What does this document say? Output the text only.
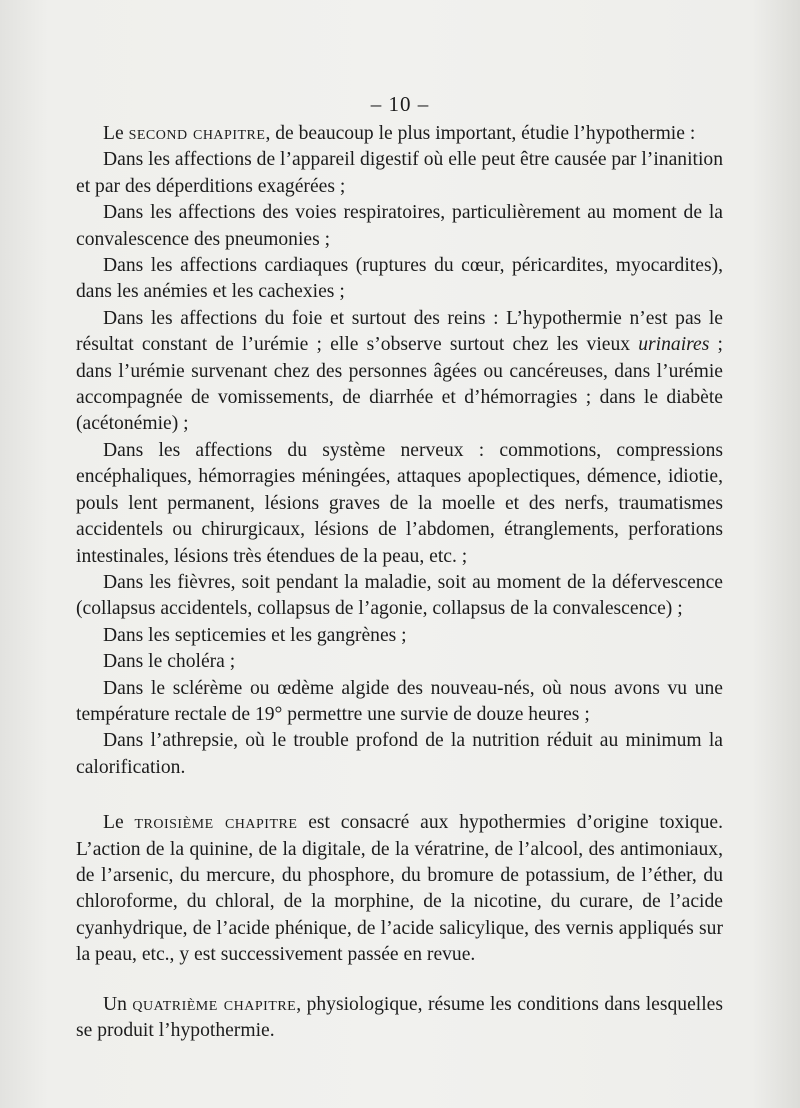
– 10 –

Le second chapitre, de beaucoup le plus important, étudie l’hypothermie :

Dans les affections de l’appareil digestif où elle peut être causée par l’inanition et par des déperditions exagérées ;

Dans les affections des voies respiratoires, particulièrement au moment de la convalescence des pneumonies ;

Dans les affections cardiaques (ruptures du cœur, péricardites, myocardites), dans les anémies et les cachexies ;

Dans les affections du foie et surtout des reins : L’hypothermie n’est pas le résultat constant de l’urémie ; elle s’observe surtout chez les vieux urinaires ; dans l’urémie survenant chez des personnes âgées ou cancéreuses, dans l’urémie accompagnée de vomissements, de diarrhée et d’hémorragies ; dans le diabète (acétonémie) ;

Dans les affections du système nerveux : commotions, compressions encéphaliques, hémorragies méningées, attaques apoplectiques, démence, idiotie, pouls lent permanent, lésions graves de la moelle et des nerfs, traumatismes accidentels ou chirurgicaux, lésions de l’abdomen, étranglements, perforations intestinales, lésions très étendues de la peau, etc. ;

Dans les fièvres, soit pendant la maladie, soit au moment de la défervescence (collapsus accidentels, collapsus de l’agonie, collapsus de la convalescence) ;

Dans les septicemies et les gangrènes ;

Dans le choléra ;

Dans le sclérème ou œdème algide des nouveau-nés, où nous avons vu une température rectale de 19° permettre une survie de douze heures ;

Dans l’athrepsie, où le trouble profond de la nutrition réduit au minimum la calorification.

Le troisième chapitre est consacré aux hypothermies d’origine toxique. L’action de la quinine, de la digitale, de la vératrine, de l’alcool, des antimoniaux, de l’arsenic, du mercure, du phosphore, du bromure de potassium, de l’éther, du chloroforme, du chloral, de la morphine, de la nicotine, du curare, de l’acide cyanhydrique, de l’acide phénique, de l’acide salicylique, des vernis appliqués sur la peau, etc., y est successivement passée en revue.

Un quatrième chapitre, physiologique, résume les conditions dans lesquelles se produit l’hypothermie.
